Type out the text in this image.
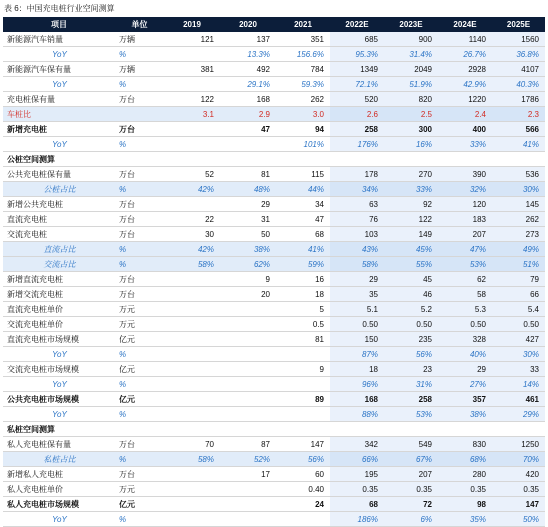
表 6：中国充电桩行业空间测算
项目	单位	2019	2020	2021	2022E	2023E	2024E	2025E
新能源汽车销量	万辆	121	137	351	685	900	1140	1560
YoY	%		13.3%	156.6%	95.3%	31.4%	26.7%	36.8%
新能源汽车保有量	万辆	381	492	784	1349	2049	2928	4107
YoY	%		29.1%	59.3%	72.1%	51.9%	42.9%	40.3%
充电桩保有量	万台	122	168	262	520	820	1220	1786
车桩比		3.1	2.9	3.0	2.6	2.5	2.4	2.3
新增充电桩	万台		47	94	258	300	400	566
YoY	%			101%	176%	16%	33%	41%
公桩空间测算								
公共充电桩保有量	万台	52	81	115	178	270	390	536
公桩占比	%	42%	48%	44%	34%	33%	32%	30%
新增公共充电桩	万台		29	34	63	92	120	145
直流充电桩	万台	22	31	47	76	122	183	262
交流充电桩	万台	30	50	68	103	149	207	273
直流占比	%	42%	38%	41%	43%	45%	47%	49%
交流占比	%	58%	62%	59%	58%	55%	53%	51%
新增直流充电桩	万台		9	16	29	45	62	79
新增交流充电桩	万台		20	18	35	46	58	66
直流充电桩单价	万元			5	5.1	5.2	5.3	5.4
交流充电桩单价	万元			0.5	0.50	0.50	0.50	0.50
直流充电桩市场规模	亿元			81	150	235	328	427
YoY	%				87%	56%	40%	30%
交流充电桩市场规模	亿元			9	18	23	29	33
YoY	%				96%	31%	27%	14%
公共充电桩市场规模	亿元			89	168	258	357	461
YoY	%				88%	53%	38%	29%
私桩空间测算								
私人充电桩保有量	万台	70	87	147	342	549	830	1250
私桩占比	%	58%	52%	56%	66%	67%	68%	70%
新增私人充电桩	万台		17	60	195	207	280	420
私人充电桩单价	万元			0.40	0.35	0.35	0.35	0.35
私人充电桩市场规模	亿元			24	68	72	98	147
YoY	%				186%	6%	35%	50%
